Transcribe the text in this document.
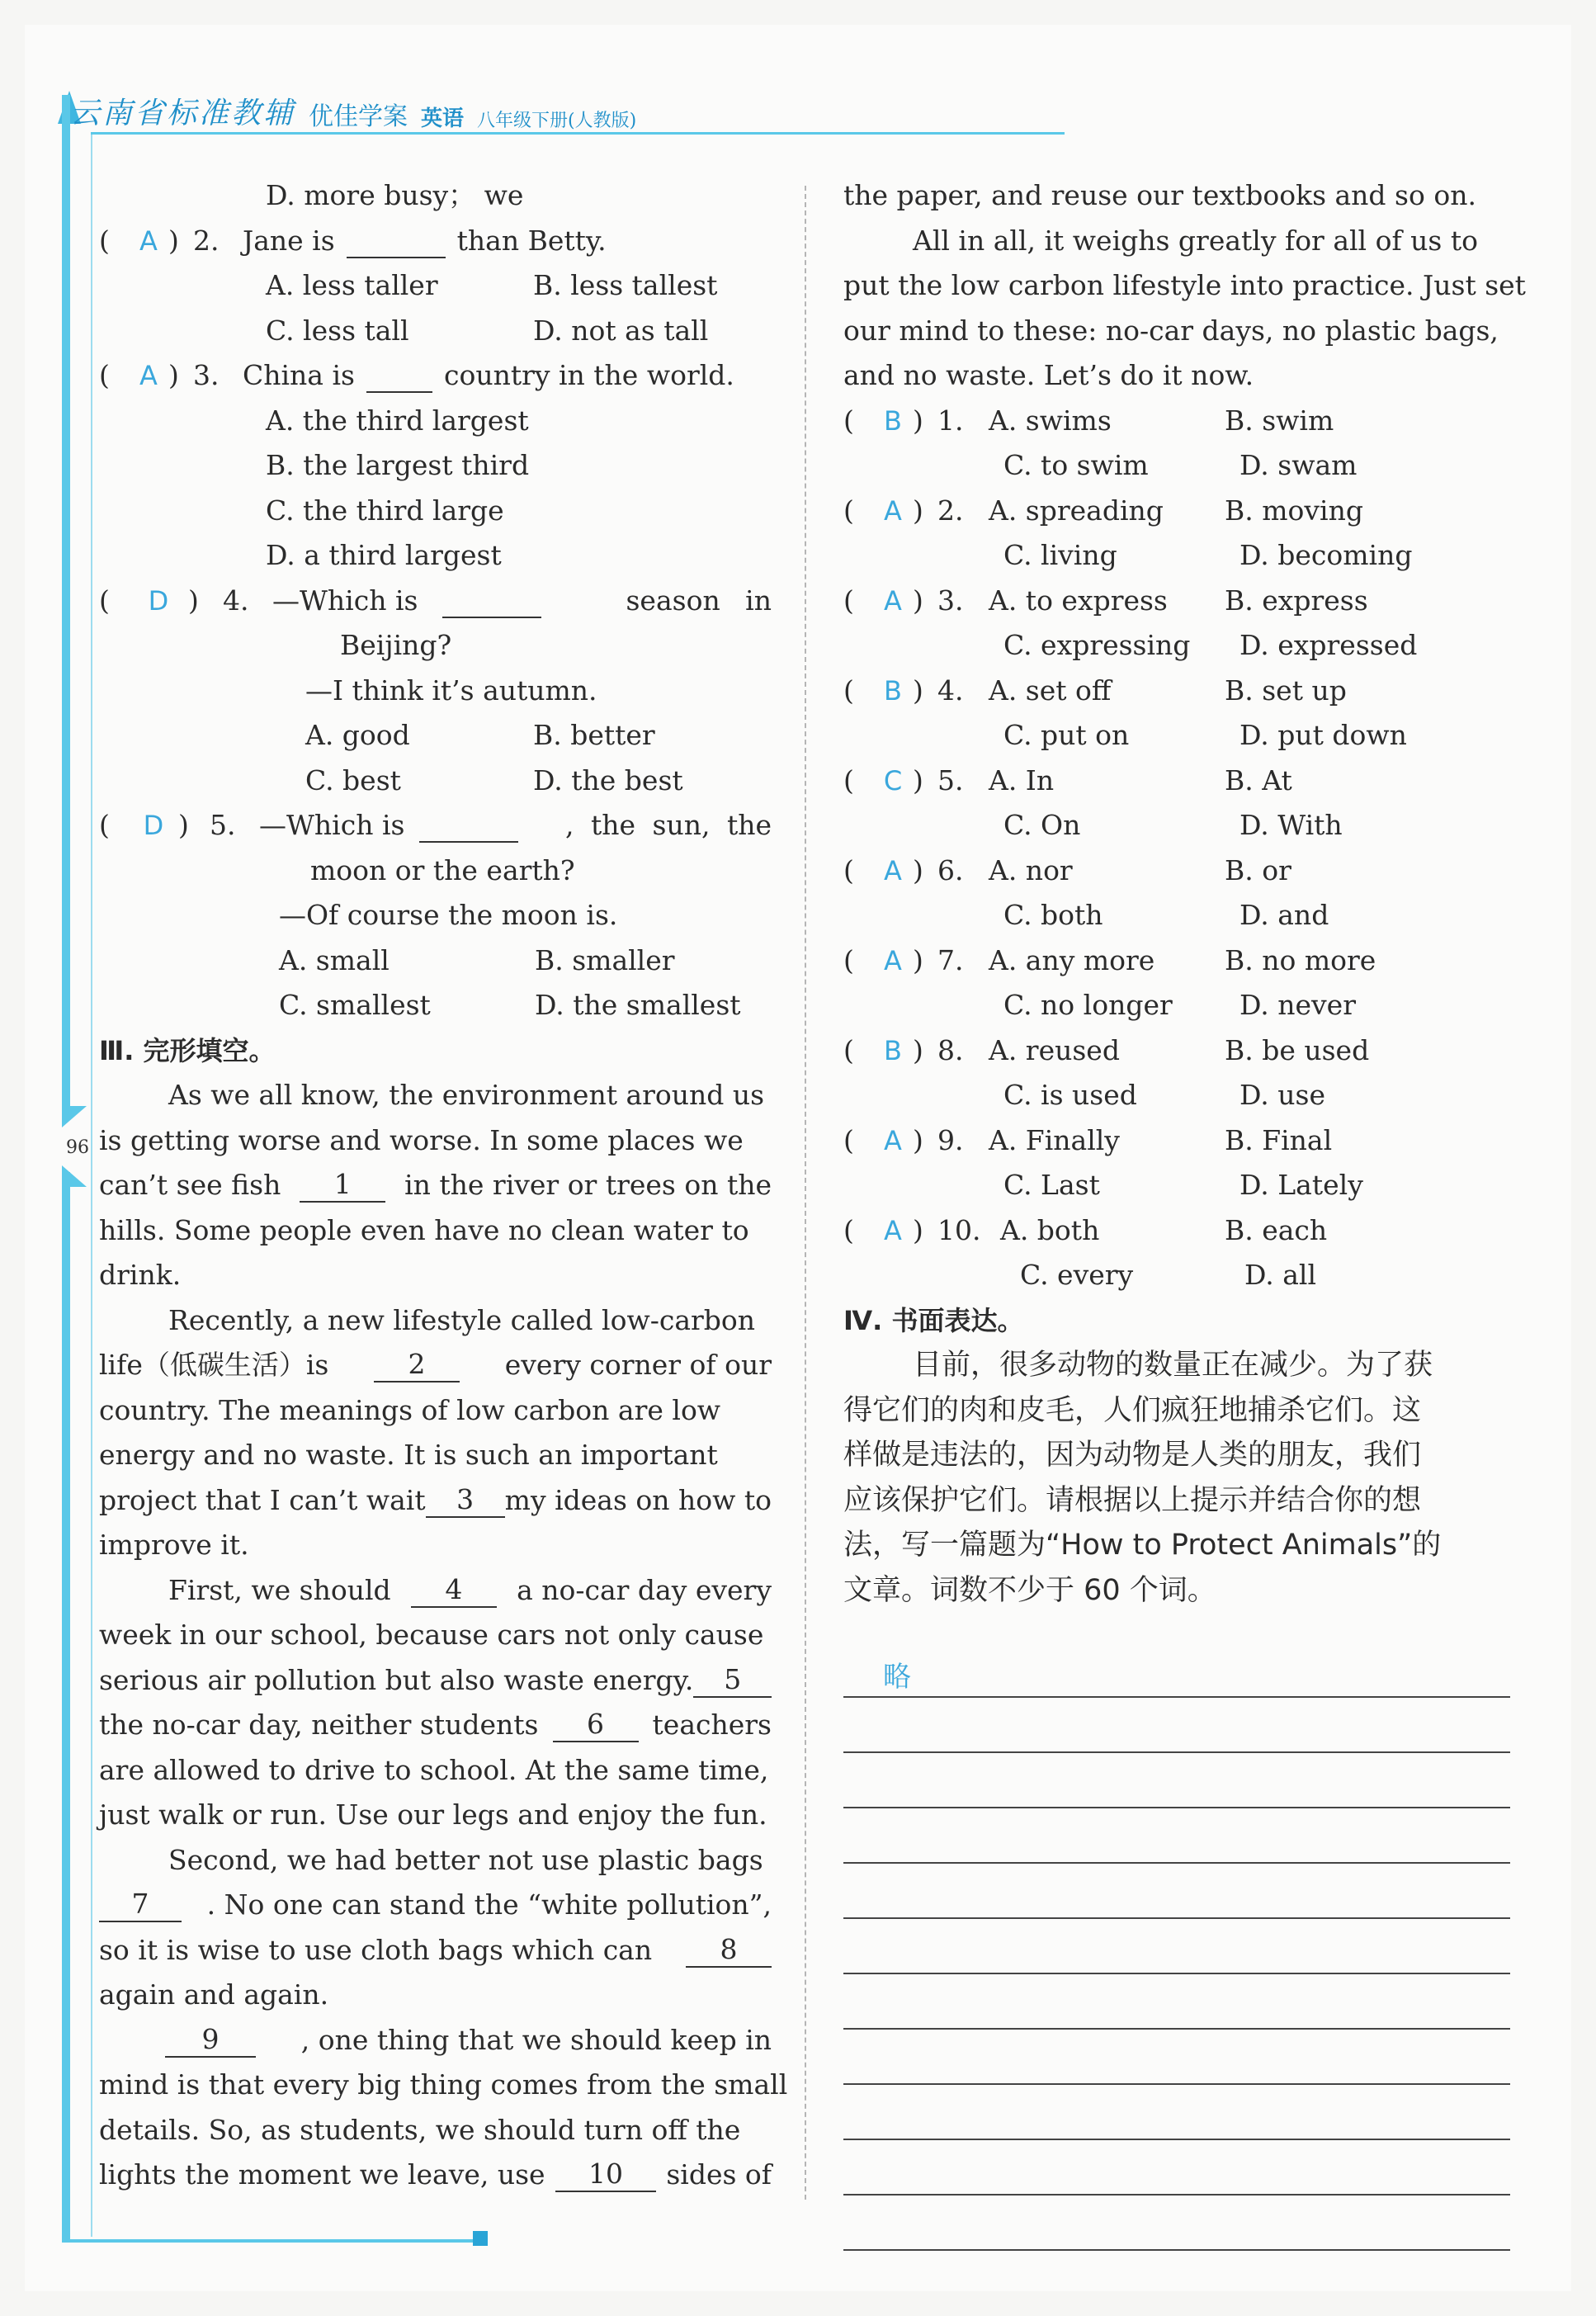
96
云南省标准教辅 优佳学案 英语 八年级下册(人教版)
D. more busy； we
(	A ) 2. Jane is
	than Betty.
A. less taller	B. less tallest
C. less tall	D. not as tall
(	A ) 3. China is
	country in the world.
A. the third largest
B. the largest third
C. the third large
D. a third largest
(	D ) 4. —Which is
	season in
Beijing?
—I think it’s autumn.
A. good	B. better
C. best	D. the best
(	D ) 5. —Which is
	, the sun, the
moon or the earth?
—Of course the moon is.
A. small	B. smaller
C. smallest	D. the smallest
Ⅲ. 完形填空。
As we all know, the environment around us
is getting worse and worse. In some places we
can’t see fish	1	in the river or trees on the
hills. Some people even have no clean water to
drink.
Recently, a new lifestyle called low-carbon
life（低碳生活）is	2	every corner of our
country. The meanings of low carbon are low
energy and no waste. It is such an important
project that I can’t wait	3	my ideas on how to
improve it.
First, we should	4	a no-car day every
week in our school, because cars not only cause
serious air pollution but also waste energy.	5
the no-car day, neither students	6	teachers
are allowed to drive to school. At the same time,
just walk or run. Use our legs and enjoy the fun.
Second, we had better not use plastic bags
7	. No one can stand the “white pollution”,
so it is wise to use cloth bags which can	8
again and again.
9	, one thing that we should keep in
mind is that every big thing comes from the small
details. So, as students, we should turn off the
lights the moment we leave, use	10	sides of
the paper, and reuse our textbooks and so on.
All in all, it weighs greatly for all of us to
put the low carbon lifestyle into practice. Just set
our mind to these: no-car days, no plastic bags,
and no waste. Let’s do it now.
(	B ) 1. A. swims	B. swim
C. to swim	D. swam
(	A ) 2. A. spreading	B. moving
C. living	D. becoming
(	A ) 3. A. to express	B. express
C. expressing	D. expressed
(	B ) 4. A. set off	B. set up
C. put on	D. put down
(	C ) 5. A. In	B. At
C. On	D. With
(	A ) 6. A. nor	B. or
C. both	D. and
(	A ) 7. A. any more	B. no more
C. no longer	D. never
(	B ) 8. A. reused	B. be used
C. is used	D. use
(	A ) 9. A. Finally	B. Final
C. Last	D. Lately
(	A ) 10. A. both	B. each
C. every	D. all
Ⅳ. 书面表达。
目前，很多动物的数量正在减少。为了获
得它们的肉和皮毛，人们疯狂地捕杀它们。这
样做是违法的，因为动物是人类的朋友，我们
应该保护它们。请根据以上提示并结合你的想
法，写一篇题为“How to Protect Animals”的
文章。词数不少于 60 个词。
略
